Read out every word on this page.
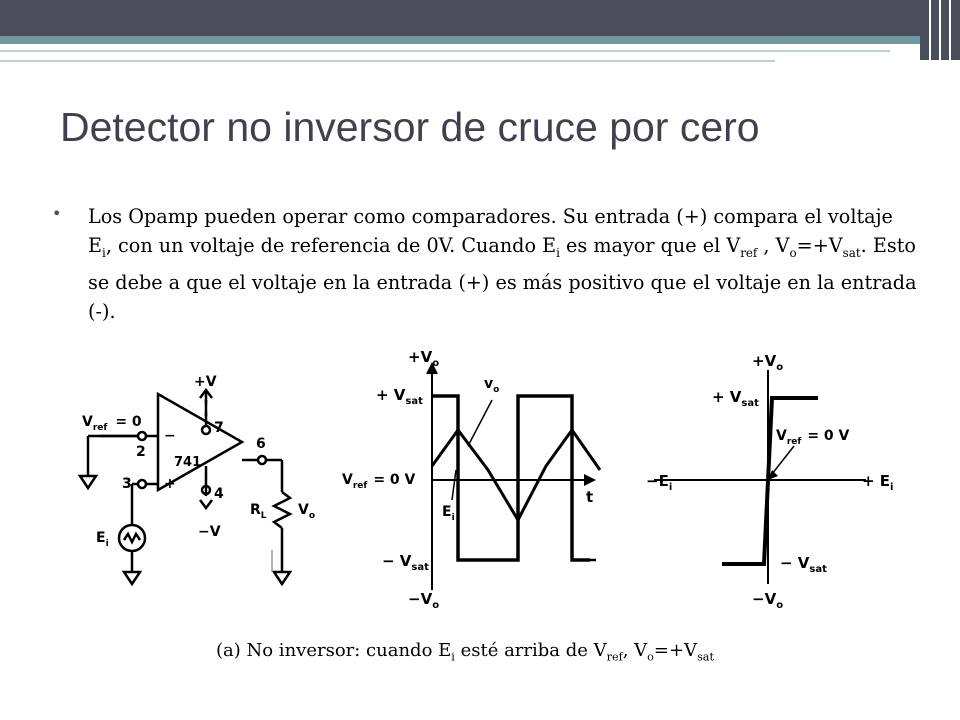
Detector no inversor de cruce por cero
• Los Opamp pueden operar como comparadores. Su entrada (+) compara el voltaje $E_i$, con un voltaje de referencia de 0V. Cuando $E_i$ es mayor que el $V_{ref}$ , $V_o=+V_{sat}$. Esto se debe a que el voltaje en la entrada (+) es más positivo que el voltaje en la entrada (-).

+V
−V
$V_{ref} = 0$	7
6
2
3
4
741
−
+
$R_L$ $V_o$
$E_i$
$+V_o$
+ $V_{sat}$
$v_o$
$V_{ref} = 0$ V
t
$E_i$
− $V_{sat}$
$-V_o$
$+V_o$
+ $V_{sat}$
$V_{ref} = 0$ V
$-E_i$	+ $E_i$
− $V_{sat}$
$-V_o$

(a) No inversor: cuando $E_i$ esté arriba de $V_{ref}$, $V_o=+V_{sat}$
